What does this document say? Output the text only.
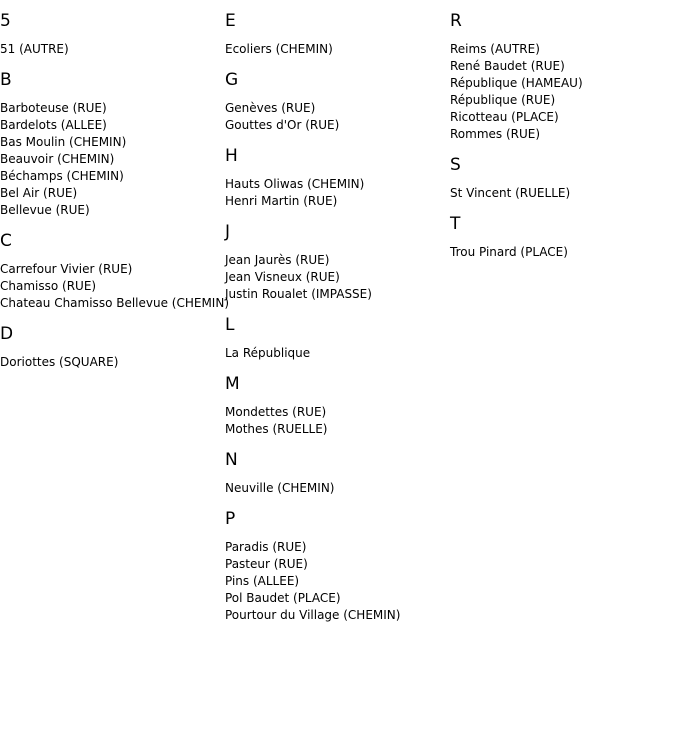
5
51 (AUTRE)
B
Barboteuse (RUE)
Bardelots (ALLEE)
Bas Moulin (CHEMIN)
Beauvoir (CHEMIN)
Béchamps (CHEMIN)
Bel Air (RUE)
Bellevue (RUE)
C
Carrefour Vivier (RUE)
Chamisso (RUE)
Chateau Chamisso Bellevue (CHEMIN)
D
Doriottes (SQUARE)
E
Ecoliers (CHEMIN)
G
Genèves (RUE)
Gouttes d'Or (RUE)
H
Hauts Oliwas (CHEMIN)
Henri Martin (RUE)
J
Jean Jaurès (RUE)
Jean Visneux (RUE)
Justin Roualet (IMPASSE)
L
La République
M
Mondettes (RUE)
Mothes (RUELLE)
N
Neuville (CHEMIN)
P
Paradis (RUE)
Pasteur (RUE)
Pins (ALLEE)
Pol Baudet (PLACE)
Pourtour du Village (CHEMIN)
R
Reims (AUTRE)
René Baudet (RUE)
République (HAMEAU)
République (RUE)
Ricotteau (PLACE)
Rommes (RUE)
S
St Vincent (RUELLE)
T
Trou Pinard (PLACE)
